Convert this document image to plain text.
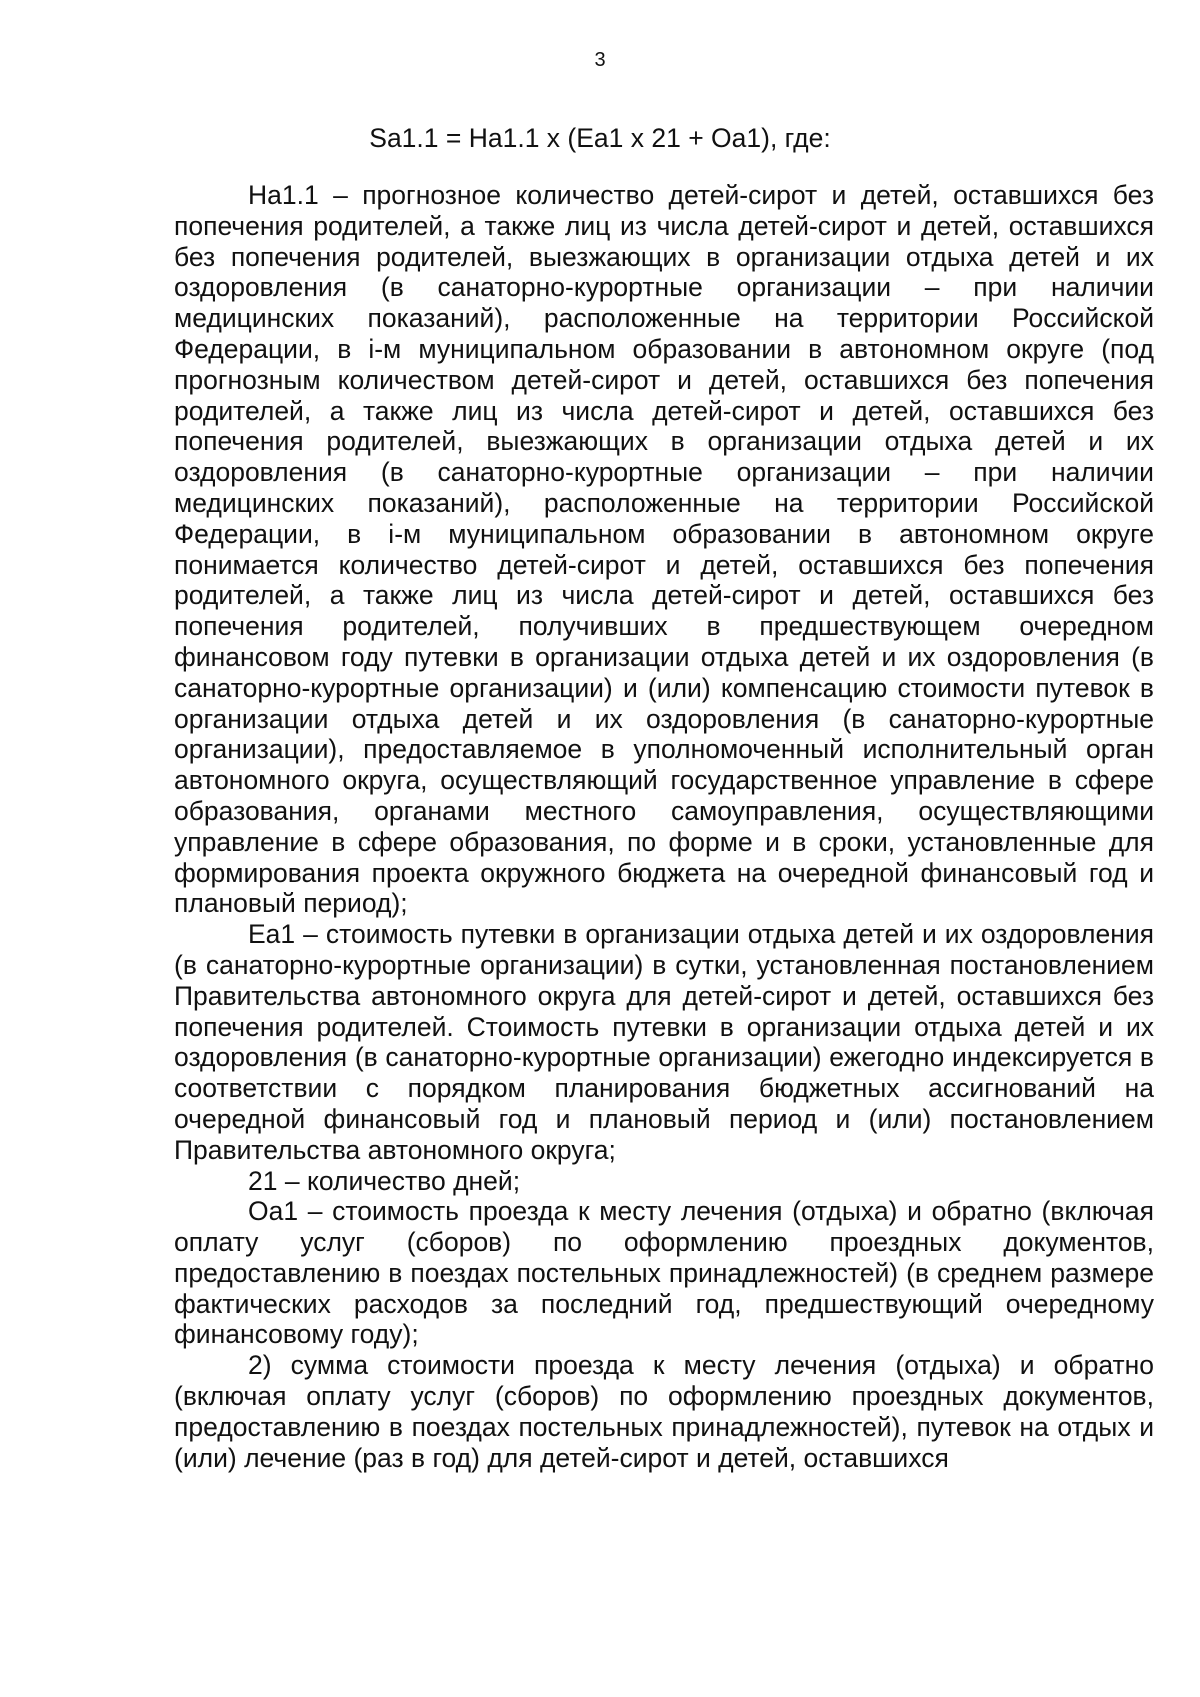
3
Sa1.1 = Ha1.1 x (Ea1 x 21 + Oa1), где:

На1.1 – прогнозное количество детей-сирот и детей, оставшихся без попечения родителей, а также лиц из числа детей-сирот и детей, оставшихся без попечения родителей, выезжающих в организации отдыха детей и их оздоровления (в санаторно-курортные организации – при наличии медицинских показаний), расположенные на территории Российской Федерации, в i-м муниципальном образовании в автономном округе (под прогнозным количеством детей-сирот и детей, оставшихся без попечения родителей, а также лиц из числа детей-сирот и детей, оставшихся без попечения родителей, выезжающих в организации отдыха детей и их оздоровления (в санаторно-курортные организации – при наличии медицинских показаний), расположенные на территории Российской Федерации, в i-м муниципальном образовании в автономном округе понимается количество детей-сирот и детей, оставшихся без попечения родителей, а также лиц из числа детей-сирот и детей, оставшихся без попечения родителей, получивших в предшествующем очередном финансовом году путевки в организации отдыха детей и их оздоровления (в санаторно-курортные организации) и (или) компенсацию стоимости путевок в организации отдыха детей и их оздоровления (в санаторно-курортные организации), предоставляемое в уполномоченный исполнительный орган автономного округа, осуществляющий государственное управление в сфере образования, органами местного самоуправления, осуществляющими управление в сфере образования, по форме и в сроки, установленные для формирования проекта окружного бюджета на очередной финансовый год и плановый период);

Еа1 – стоимость путевки в организации отдыха детей и их оздоровления (в санаторно-курортные организации) в сутки, установленная постановлением Правительства автономного округа для детей-сирот и детей, оставшихся без попечения родителей. Стоимость путевки в организации отдыха детей и их оздоровления (в санаторно-курортные организации) ежегодно индексируется в соответствии с порядком планирования бюджетных ассигнований на очередной финансовый год и плановый период и (или) постановлением Правительства автономного округа;

21 – количество дней;

Оа1 – стоимость проезда к месту лечения (отдыха) и обратно (включая оплату услуг (сборов) по оформлению проездных документов, предоставлению в поездах постельных принадлежностей) (в среднем размере фактических расходов за последний год, предшествующий очередному финансовому году);

2) сумма стоимости проезда к месту лечения (отдыха) и обратно (включая оплату услуг (сборов) по оформлению проездных документов, предоставлению в поездах постельных принадлежностей), путевок на отдых и (или) лечение (раз в год) для детей-сирот и детей, оставшихся
